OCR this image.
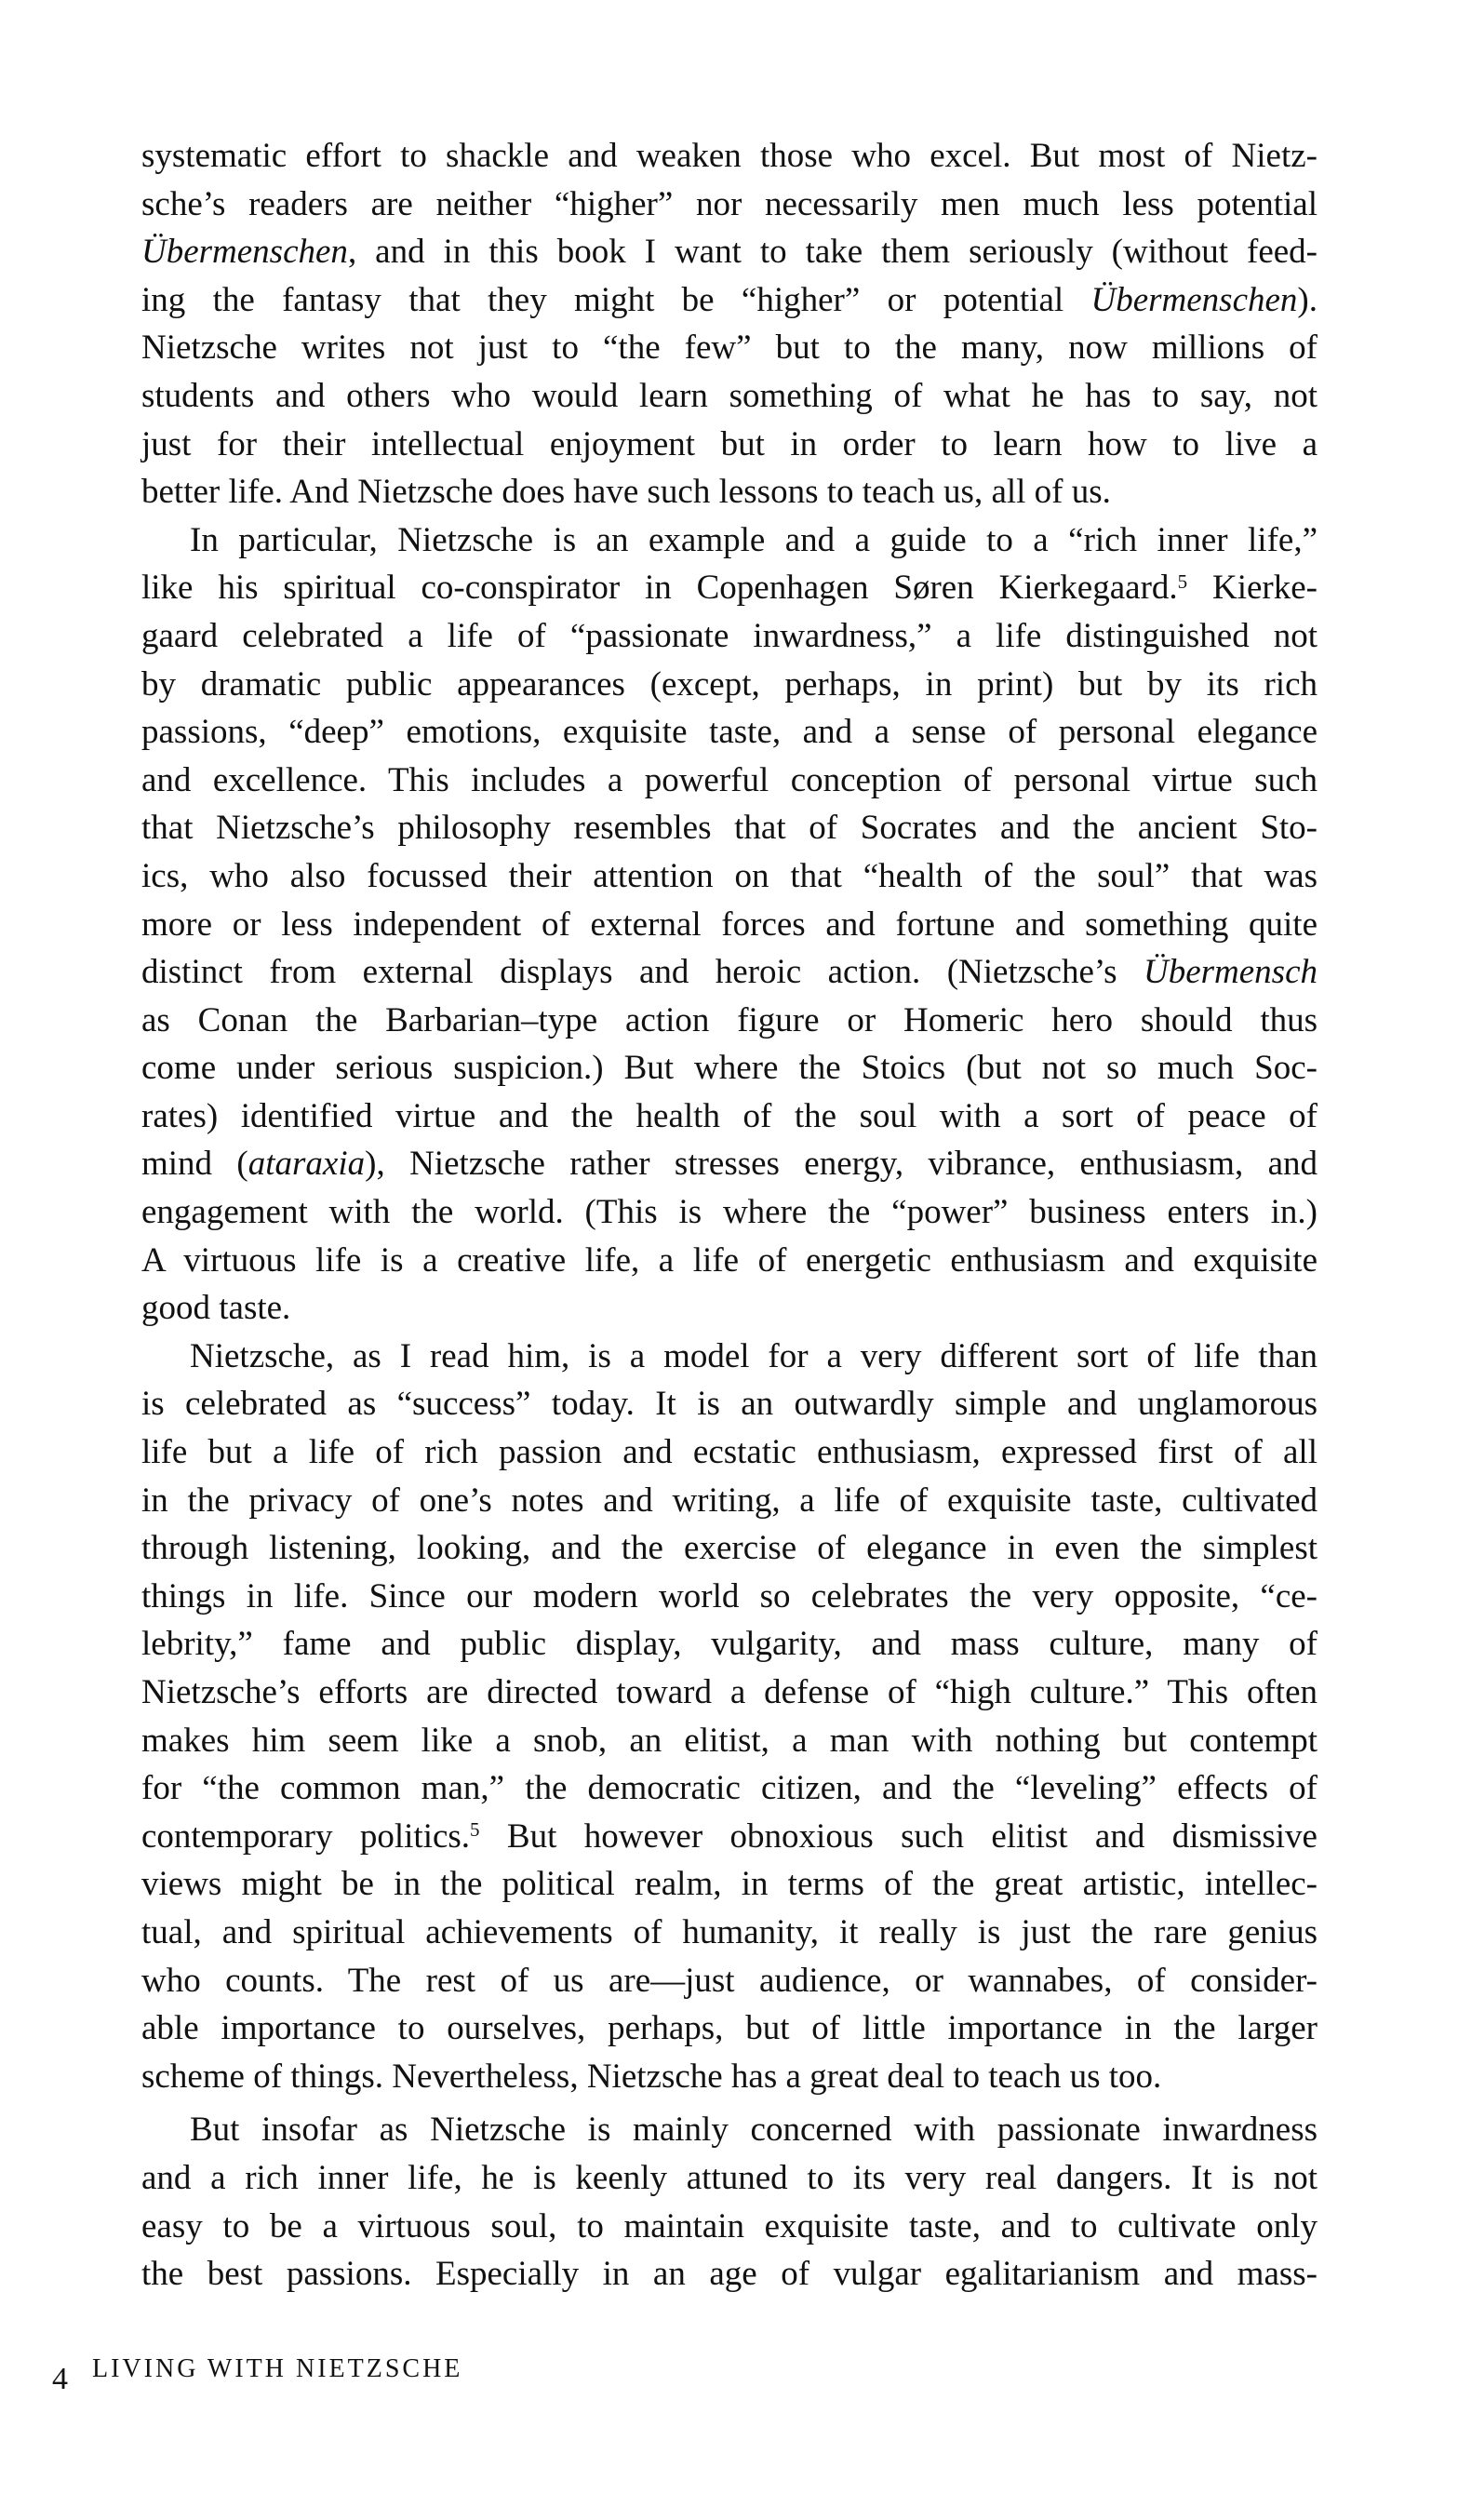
systematic effort to shackle and weaken those who excel. But most of Nietz-
sche’s readers are neither “higher” nor necessarily men much less potential
Übermenschen, and in this book I want to take them seriously (without feed-
ing the fantasy that they might be “higher” or potential Übermenschen).
Nietzsche writes not just to “the few” but to the many, now millions of
students and others who would learn something of what he has to say, not
just for their intellectual enjoyment but in order to learn how to live a
better life. And Nietzsche does have such lessons to teach us, all of us.
In particular, Nietzsche is an example and a guide to a “rich inner life,”
like his spiritual co-conspirator in Copenhagen Søren Kierkegaard.$^5$ Kierke-
gaard celebrated a life of “passionate inwardness,” a life distinguished not
by dramatic public appearances (except, perhaps, in print) but by its rich
passions, “deep” emotions, exquisite taste, and a sense of personal elegance
and excellence. This includes a powerful conception of personal virtue such
that Nietzsche’s philosophy resembles that of Socrates and the ancient Sto-
ics, who also focussed their attention on that “health of the soul” that was
more or less independent of external forces and fortune and something quite
distinct from external displays and heroic action. (Nietzsche’s Übermensch
as Conan the Barbarian–type action figure or Homeric hero should thus
come under serious suspicion.) But where the Stoics (but not so much Soc-
rates) identified virtue and the health of the soul with a sort of peace of
mind (ataraxia), Nietzsche rather stresses energy, vibrance, enthusiasm, and
engagement with the world. (This is where the “power” business enters in.)
A virtuous life is a creative life, a life of energetic enthusiasm and exquisite
good taste.
Nietzsche, as I read him, is a model for a very different sort of life than
is celebrated as “success” today. It is an outwardly simple and unglamorous
life but a life of rich passion and ecstatic enthusiasm, expressed first of all
in the privacy of one’s notes and writing, a life of exquisite taste, cultivated
through listening, looking, and the exercise of elegance in even the simplest
things in life. Since our modern world so celebrates the very opposite, “ce-
lebrity,” fame and public display, vulgarity, and mass culture, many of
Nietzsche’s efforts are directed toward a defense of “high culture.” This often
makes him seem like a snob, an elitist, a man with nothing but contempt
for “the common man,” the democratic citizen, and the “leveling” effects of
contemporary politics.$^5$ But however obnoxious such elitist and dismissive
views might be in the political realm, in terms of the great artistic, intellec-
tual, and spiritual achievements of humanity, it really is just the rare genius
who counts. The rest of us are—just audience, or wannabes, of consider-
able importance to ourselves, perhaps, but of little importance in the larger
scheme of things. Nevertheless, Nietzsche has a great deal to teach us too.
But insofar as Nietzsche is mainly concerned with passionate inwardness
and a rich inner life, he is keenly attuned to its very real dangers. It is not
easy to be a virtuous soul, to maintain exquisite taste, and to cultivate only
the best passions. Especially in an age of vulgar egalitarianism and mass-
4 LIVING WITH NIETZSCHE
